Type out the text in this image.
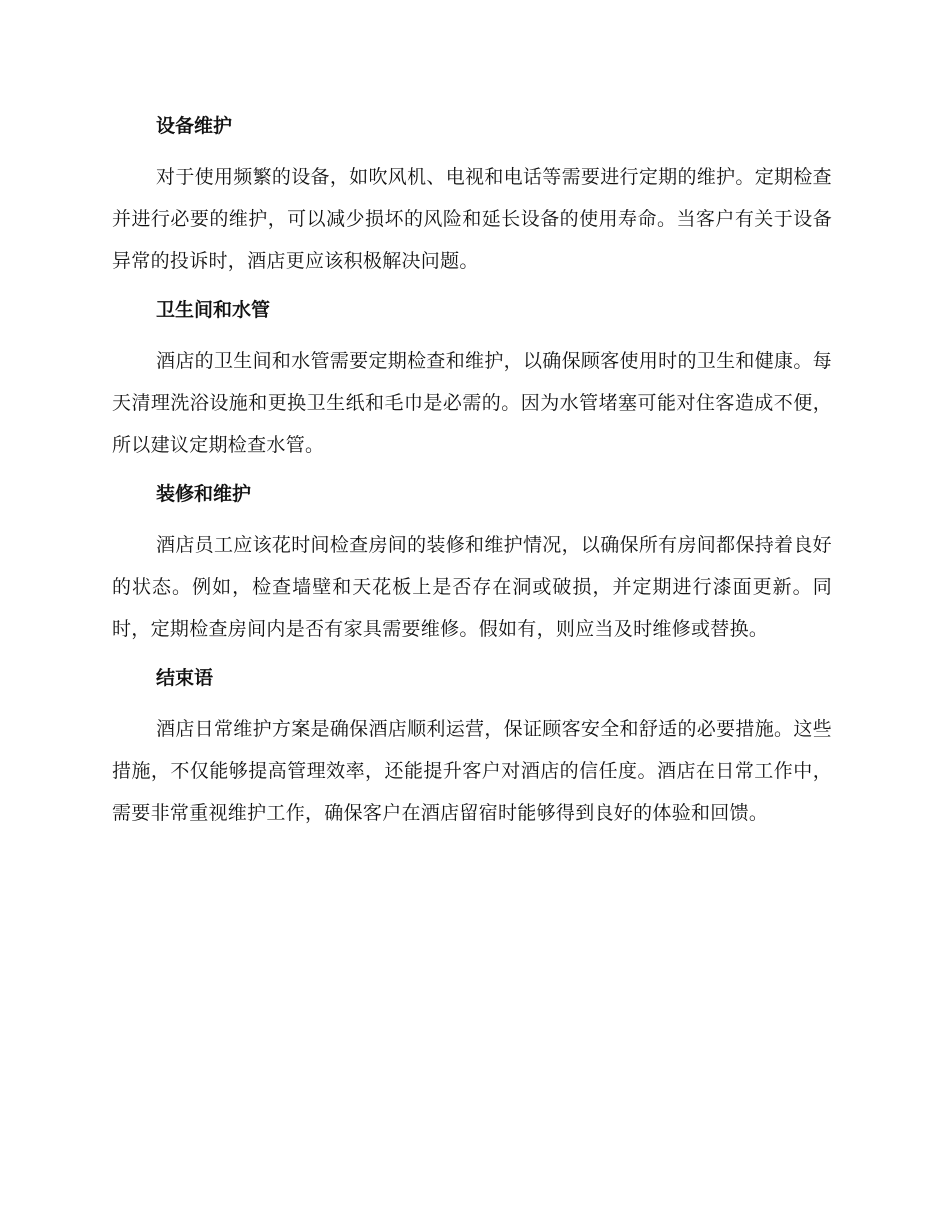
设备维护

对于使用频繁的设备，如吹风机、电视和电话等需要进行定期的维护。定期检查并进行必要的维护，可以减少损坏的风险和延长设备的使用寿命。当客户有关于设备异常的投诉时，酒店更应该积极解决问题。

卫生间和水管

酒店的卫生间和水管需要定期检查和维护，以确保顾客使用时的卫生和健康。每天清理洗浴设施和更换卫生纸和毛巾是必需的。因为水管堵塞可能对住客造成不便，所以建议定期检查水管。

装修和维护

酒店员工应该花时间检查房间的装修和维护情况，以确保所有房间都保持着良好的状态。例如，检查墙壁和天花板上是否存在洞或破损，并定期进行漆面更新。同时，定期检查房间内是否有家具需要维修。假如有，则应当及时维修或替换。

结束语

酒店日常维护方案是确保酒店顺利运营，保证顾客安全和舒适的必要措施。这些措施，不仅能够提高管理效率，还能提升客户对酒店的信任度。酒店在日常工作中，需要非常重视维护工作，确保客户在酒店留宿时能够得到良好的体验和回馈。
